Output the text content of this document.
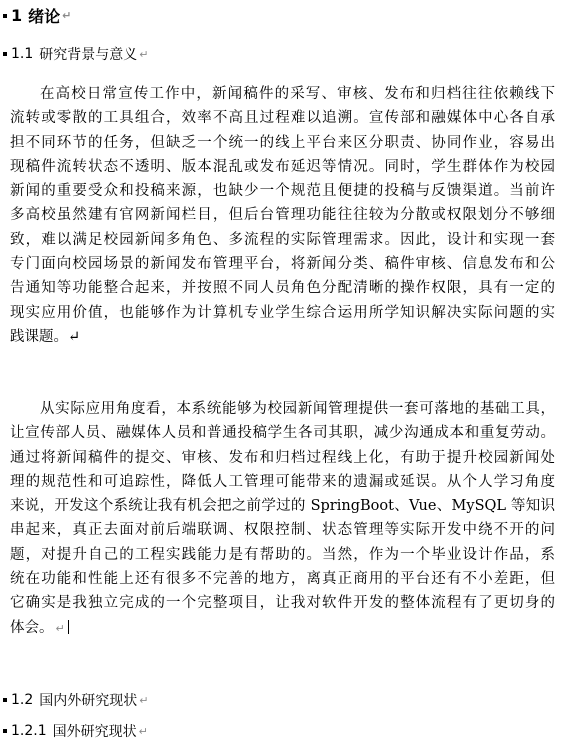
1 绪论 ↵
1.1 研究背景与意义 ↵
在高校日常宣传工作中，新闻稿件的采写、审核、发布和归档往往依赖线下
流转或零散的工具组合，效率不高且过程难以追溯。宣传部和融媒体中心各自承
担不同环节的任务，但缺乏一个统一的线上平台来区分职责、协同作业，容易出
现稿件流转状态不透明、版本混乱或发布延迟等情况。同时，学生群体作为校园
新闻的重要受众和投稿来源，也缺少一个规范且便捷的投稿与反馈渠道。当前许
多高校虽然建有官网新闻栏目，但后台管理功能往往较为分散或权限划分不够细
致，难以满足校园新闻多角色、多流程的实际管理需求。因此，设计和实现一套
专门面向校园场景的新闻发布管理平台，将新闻分类、稿件审核、信息发布和公
告通知等功能整合起来，并按照不同人员角色分配清晰的操作权限，具有一定的
现实应用价值，也能够作为计算机专业学生综合运用所学知识解决实际问题的实
践课题。↵
从实际应用角度看，本系统能够为校园新闻管理提供一套可落地的基础工具，
让宣传部人员、融媒体人员和普通投稿学生各司其职，减少沟通成本和重复劳动。
通过将新闻稿件的提交、审核、发布和归档过程线上化，有助于提升校园新闻处
理的规范性和可追踪性，降低人工管理可能带来的遗漏或延误。从个人学习角度
来说，开发这个系统让我有机会把之前学过的 SpringBoot、Vue、MySQL 等知识
串起来，真正去面对前后端联调、权限控制、状态管理等实际开发中绕不开的问
题，对提升自己的工程实践能力是有帮助的。当然，作为一个毕业设计作品，系
统在功能和性能上还有很多不完善的地方，离真正商用的平台还有不小差距，但
它确实是我独立完成的一个完整项目，让我对软件开发的整体流程有了更切身的
体会。 ↵
1.2 国内外研究现状 ↵
1.2.1 国外研究现状 ↵
